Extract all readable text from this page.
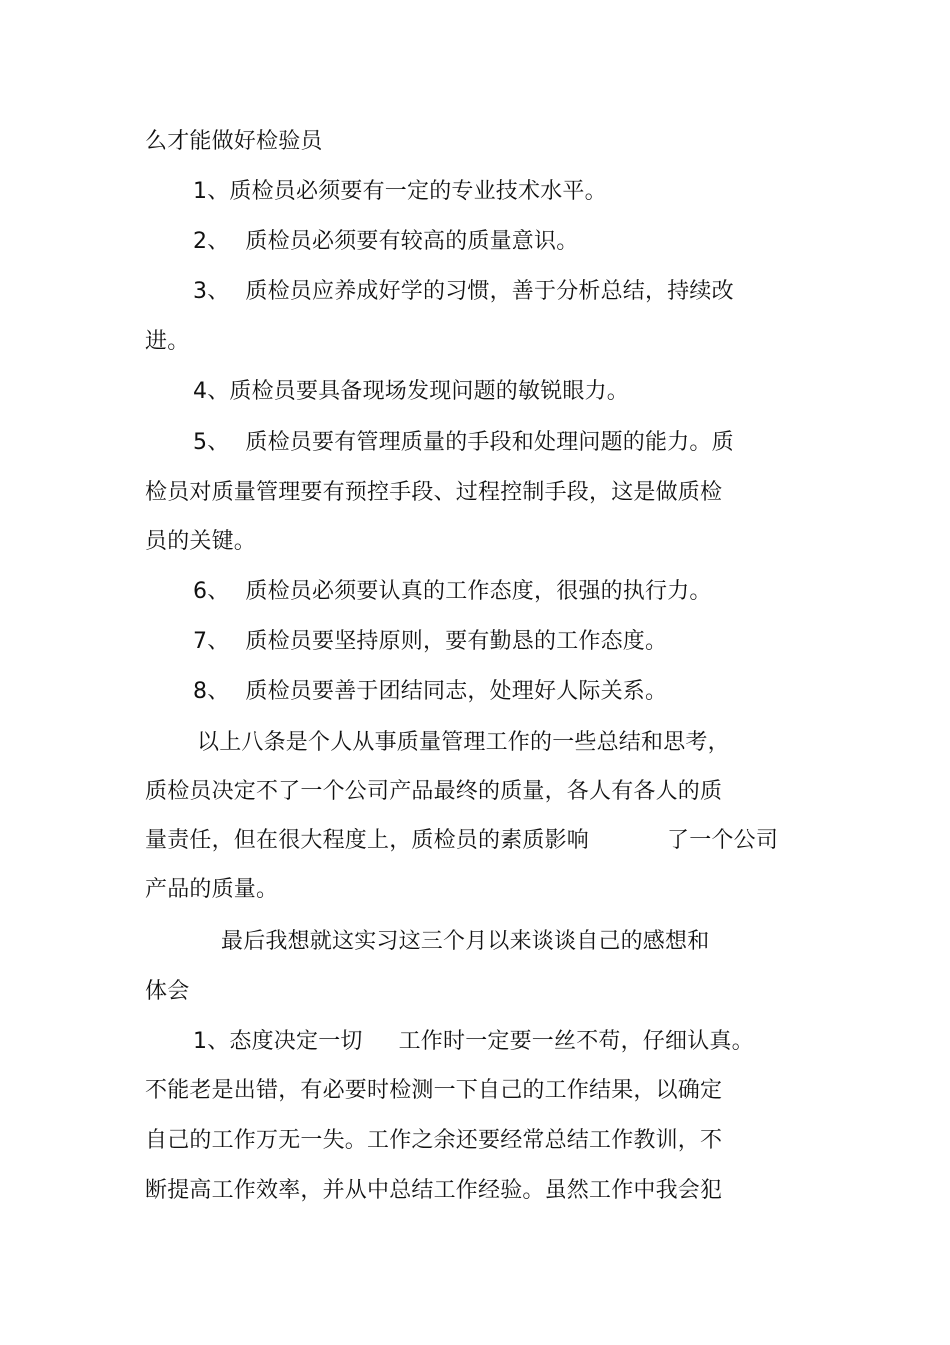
么才能做好检验员
1、质检员必须要有一定的专业技术水平。
2、 质检员必须要有较高的质量意识。
3、 质检员应养成好学的习惯，善于分析总结，持续改
进。
4、质检员要具备现场发现问题的敏锐眼力。
5、 质检员要有管理质量的手段和处理问题的能力。质
检员对质量管理要有预控手段、过程控制手段，这是做质检
员的关键。
6、 质检员必须要认真的工作态度，很强的执行力。
7、 质检员要坚持原则，要有勤恳的工作态度。
8、 质检员要善于团结同志，处理好人际关系。
以上八条是个人从事质量管理工作的一些总结和思考，
质检员决定不了一个公司产品最终的质量，各人有各人的质
量责任，但在很大程度上，质检员的素质影响	了一个公司
产品的质量。
最后我想就这实习这三个月以来谈谈自己的感想和
体会
1、态度决定一切 工作时一定要一丝不苟，仔细认真。
不能老是出错，有必要时检测一下自己的工作结果，以确定
自己的工作万无一失。工作之余还要经常总结工作教训，不
断提高工作效率，并从中总结工作经验。虽然工作中我会犯
